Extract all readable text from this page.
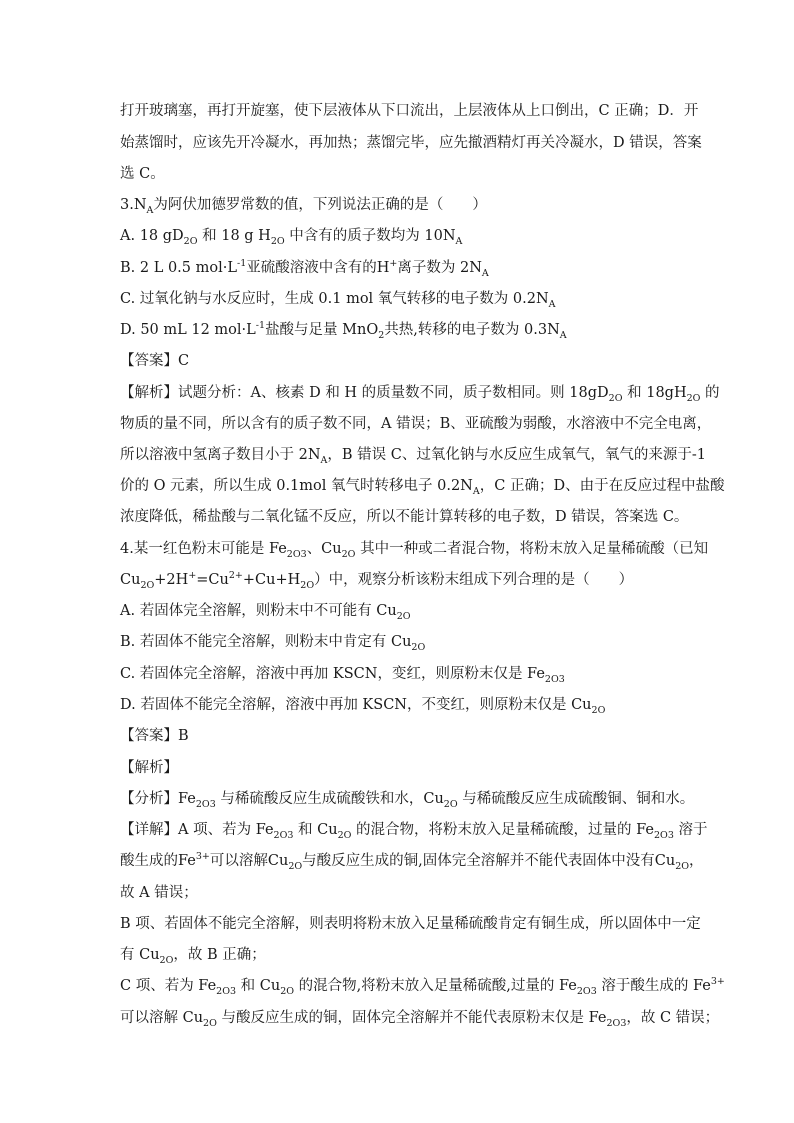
打开玻璃塞，再打开旋塞，使下层液体从下口流出，上层液体从上口倒出，C 正确；D．开
始蒸馏时，应该先开冷凝水，再加热；蒸馏完毕，应先撤酒精灯再关冷凝水，D 错误，答案
选 C。
$3.N_A$为阿伏加德罗常数的值，下列说法正确的是（　　）
A. 18 $gD_{2O}$ 和 18 g $H_{2O}$ 中含有的质子数均为 $10N_A$
B. 2 L 0.5 $mol\cdot L^{-1}$亚硫酸溶液中含有的H+离子数为 $2N_A$
C. 过氧化钠与水反应时，生成 0.1 mol 氧气转移的电子数为 $0.2N_A$
D. 50 mL 12 $mol\cdot L^{-1}$盐酸与足量 MnO$_2$共热,转移的电子数为 $0.3N_A$
【答案】C
【解析】试题分析：A、核素 D 和 H 的质量数不同，质子数相同。则 $18gD_{2O}$ 和 $18gH_{2O}$ 的
物质的量不同，所以含有的质子数不同，A 错误；B、亚硫酸为弱酸，水溶液中不完全电离，
所以溶液中氢离子数目小于 $2N_A$，B 错误 C、过氧化钠与水反应生成氧气，氧气的来源于-1
价的 O 元素，所以生成 0.1mol 氧气时转移电子 $0.2N_A$，C 正确；D、由于在反应过程中盐酸
浓度降低，稀盐酸与二氧化锰不反应，所以不能计算转移的电子数，D 错误，答案选 C。
4.某一红色粉末可能是 $Fe_{2O3}$、$Cu_{2O}$ 其中一种或二者混合物，将粉末放入足量稀硫酸（已知
$Cu_{2O}+2H^+=Cu^{2+}+Cu+H_{2O}$）中，观察分析该粉末组成下列合理的是（　　）
A. 若固体完全溶解，则粉末中不可能有 $Cu_{2O}$
B. 若固体不能完全溶解，则粉末中肯定有 $Cu_{2O}$
C. 若固体完全溶解，溶液中再加 KSCN，变红，则原粉末仅是 $Fe_{2O3}$
D. 若固体不能完全溶解，溶液中再加 KSCN，不变红，则原粉末仅是 $Cu_{2O}$
【答案】B
【解析】
【分析】$Fe_{2O3}$ 与稀硫酸反应生成硫酸铁和水，$Cu_{2O}$ 与稀硫酸反应生成硫酸铜、铜和水。
【详解】A 项、若为 $Fe_{2O3}$ 和 $Cu_{2O}$ 的混合物，将粉末放入足量稀硫酸，过量的 $Fe_{2O3}$ 溶于
酸生成的$Fe^{3+}$可以溶解$Cu_{2O}$与酸反应生成的铜,固体完全溶解并不能代表固体中没有$Cu_{2O}$，
故 A 错误；
B 项、若固体不能完全溶解，则表明将粉末放入足量稀硫酸肯定有铜生成，所以固体中一定
有 $Cu_{2O}$，故 B 正确；
C 项、若为 $Fe_{2O3}$ 和 $Cu_{2O}$ 的混合物,将粉末放入足量稀硫酸,过量的 $Fe_{2O3}$ 溶于酸生成的 $Fe^{3+}$
可以溶解 $Cu_{2O}$ 与酸反应生成的铜，固体完全溶解并不能代表原粉末仅是 $Fe_{2O3}$，故 C 错误；
